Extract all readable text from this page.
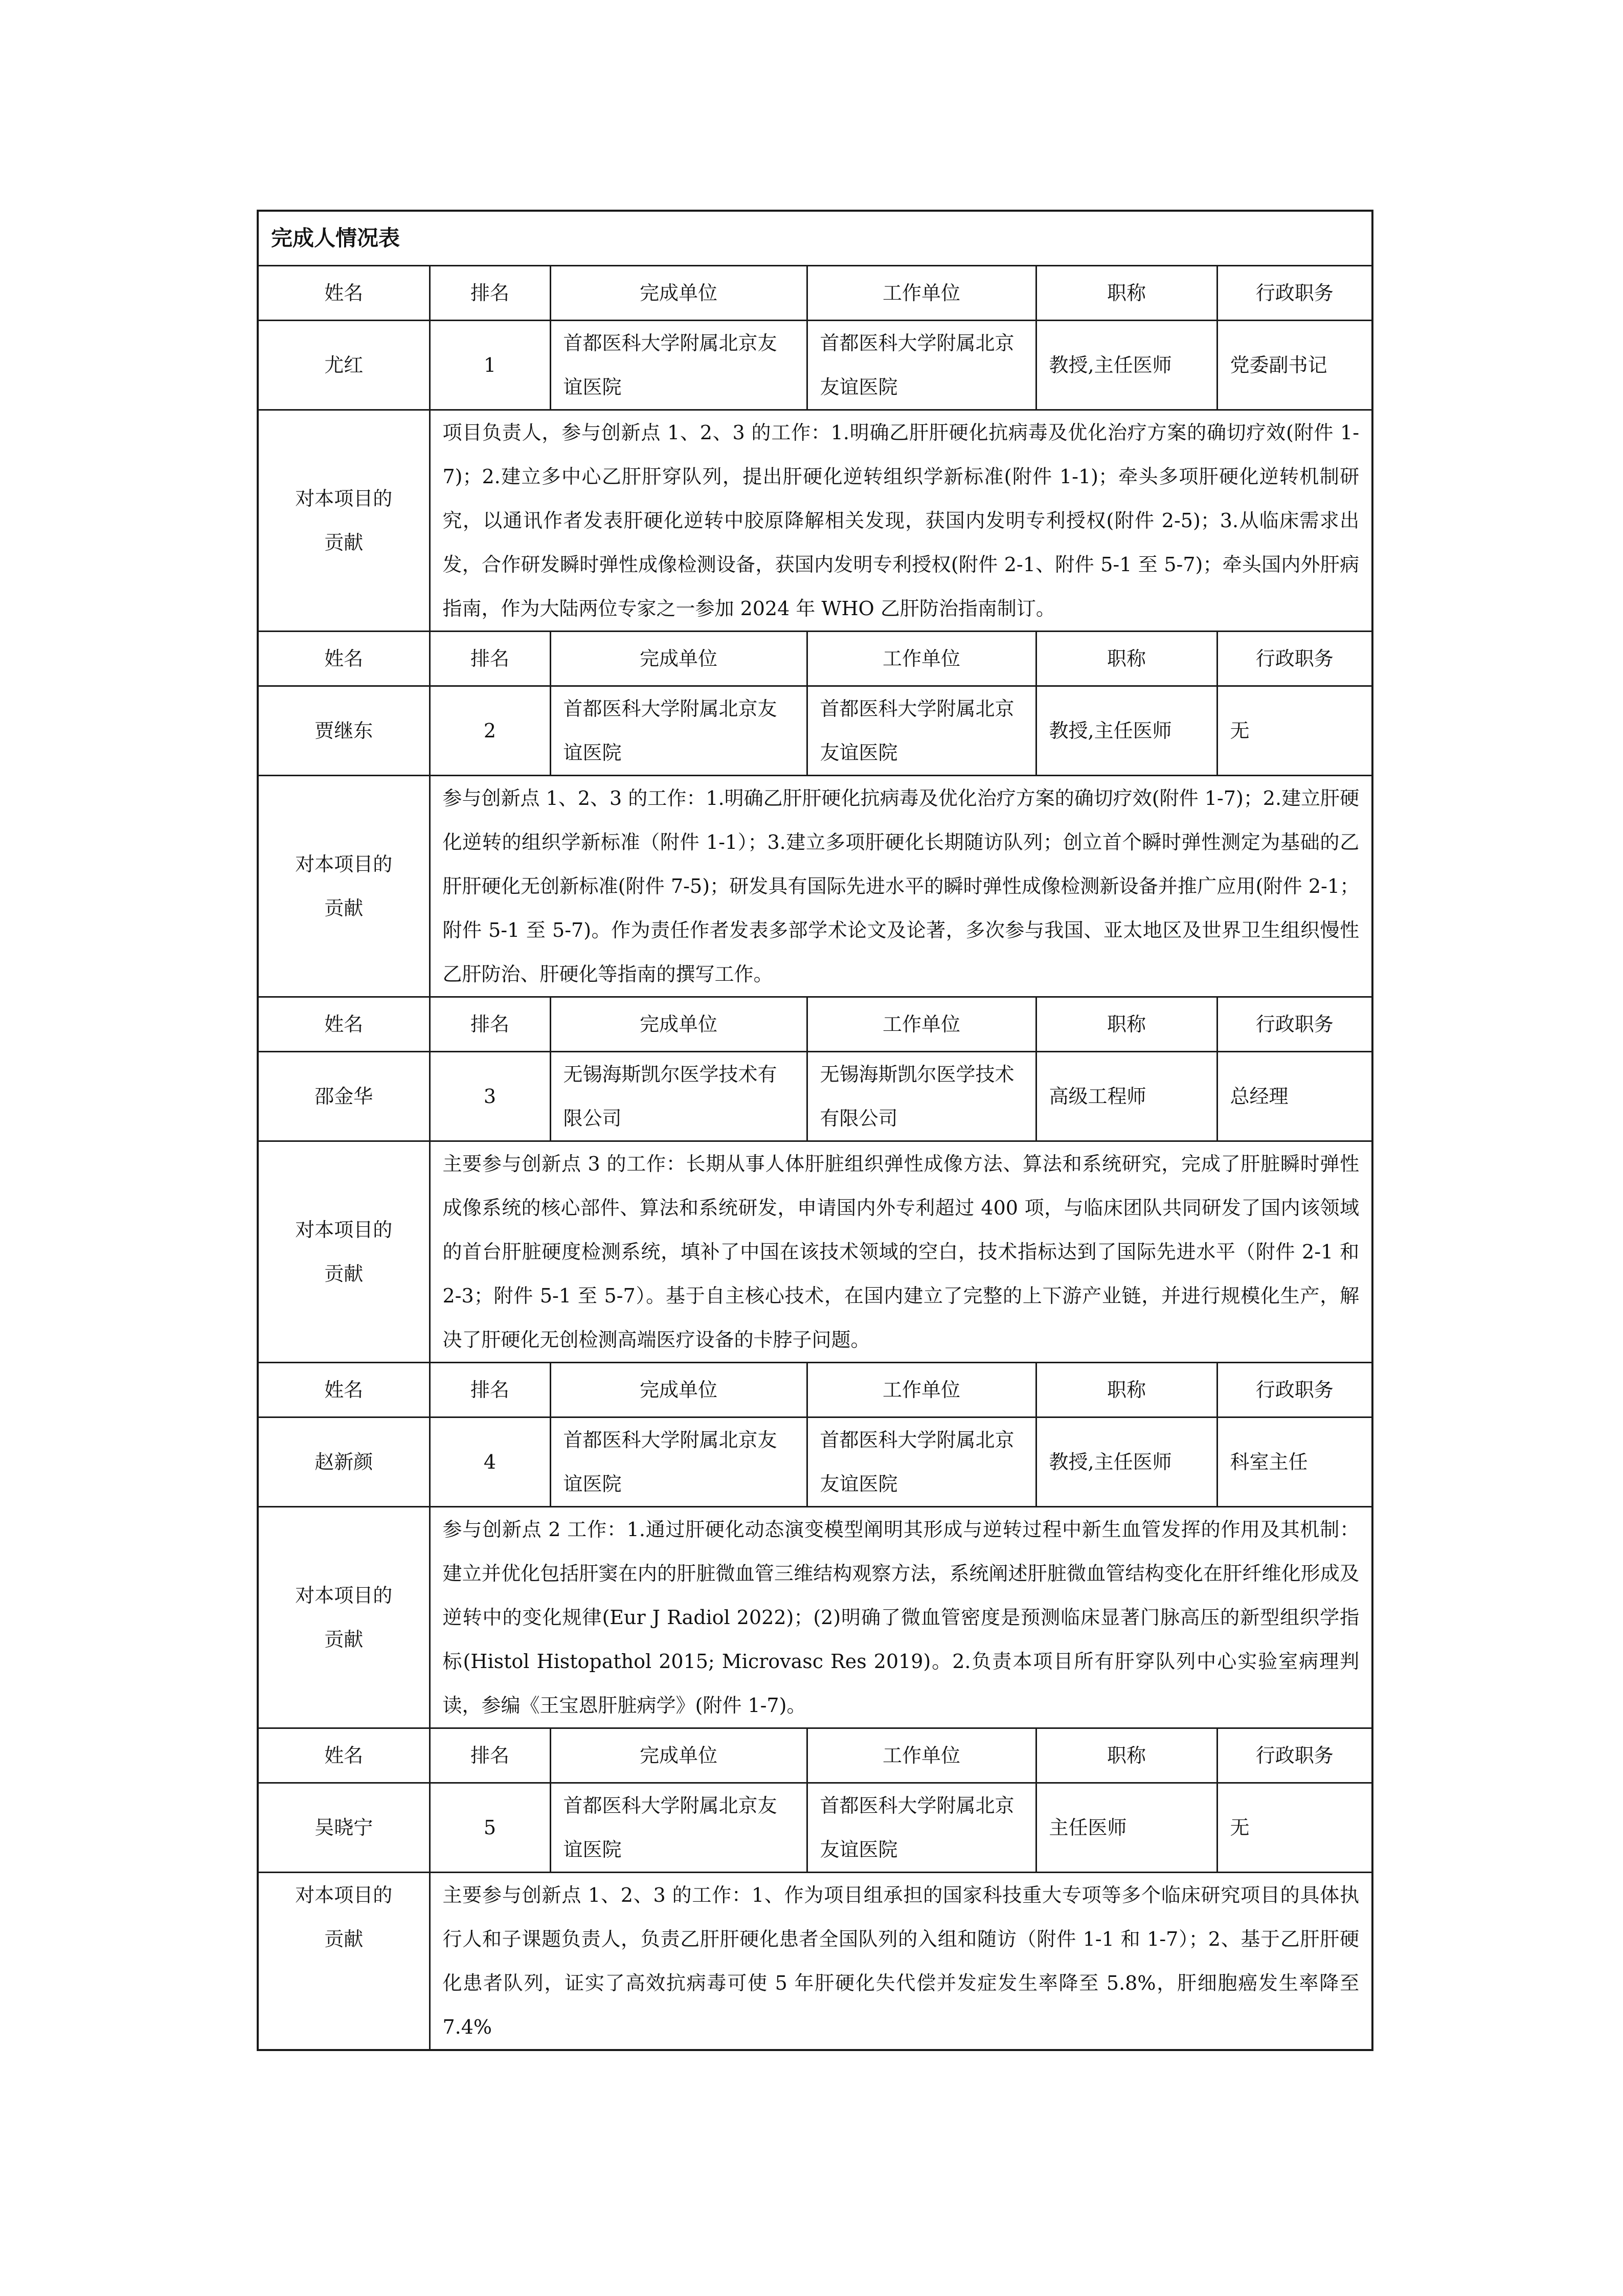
完成人情况表					
姓名	排名	完成单位	工作单位	职称	行政职务
尤红	1	首都医科大学附属北京友谊医院	首都医科大学附属北京友谊医院	教授,主任医师	党委副书记

对本项目的
贡献	项目负责人，参与创新点 1、2、3 的工作：1.明确乙肝肝硬化抗病毒及优化治疗方案的确切疗效(附件 1-7)；2.建立多中心乙肝肝穿队列，提出肝硬化逆转组织学新标准(附件 1-1)；牵头多项肝硬化逆转机制研究，以通讯作者发表肝硬化逆转中胶原降解相关发现，获国内发明专利授权(附件 2-5)；3.从临床需求出发，合作研发瞬时弹性成像检测设备，获国内发明专利授权(附件 2-1、附件 5-1 至 5-7)；牵头国内外肝病指南，作为大陆两位专家之一参加 2024 年 WHO 乙肝防治指南制订。				
姓名	排名	完成单位	工作单位	职称	行政职务
贾继东	2	首都医科大学附属北京友谊医院	首都医科大学附属北京友谊医院	教授,主任医师	无

对本项目的
贡献	参与创新点 1、2、3 的工作：1.明确乙肝肝硬化抗病毒及优化治疗方案的确切疗效(附件 1-7)；2.建立肝硬化逆转的组织学新标准（附件 1-1）；3.建立多项肝硬化长期随访队列；创立首个瞬时弹性测定为基础的乙肝肝硬化无创新标准(附件 7-5)；研发具有国际先进水平的瞬时弹性成像检测新设备并推广应用(附件 2-1；附件 5-1 至 5-7)。作为责任作者发表多部学术论文及论著，多次参与我国、亚太地区及世界卫生组织慢性乙肝防治、肝硬化等指南的撰写工作。				
姓名	排名	完成单位	工作单位	职称	行政职务
邵金华	3	无锡海斯凯尔医学技术有限公司	无锡海斯凯尔医学技术有限公司	高级工程师	总经理

对本项目的
贡献	主要参与创新点 3 的工作：长期从事人体肝脏组织弹性成像方法、算法和系统研究，完成了肝脏瞬时弹性成像系统的核心部件、算法和系统研发，申请国内外专利超过 400 项，与临床团队共同研发了国内该领域的首台肝脏硬度检测系统，填补了中国在该技术领域的空白，技术指标达到了国际先进水平（附件 2-1 和 2-3；附件 5-1 至 5-7）。基于自主核心技术，在国内建立了完整的上下游产业链，并进行规模化生产，解决了肝硬化无创检测高端医疗设备的卡脖子问题。				
姓名	排名	完成单位	工作单位	职称	行政职务
赵新颜	4	首都医科大学附属北京友谊医院	首都医科大学附属北京友谊医院	教授,主任医师	科室主任

对本项目的
贡献	参与创新点 2 工作：1.通过肝硬化动态演变模型阐明其形成与逆转过程中新生血管发挥的作用及其机制：建立并优化包括肝窦在内的肝脏微血管三维结构观察方法，系统阐述肝脏微血管结构变化在肝纤维化形成及逆转中的变化规律(Eur J Radiol 2022)；(2)明确了微血管密度是预测临床显著门脉高压的新型组织学指标(Histol Histopathol 2015; Microvasc Res 2019)。2.负责本项目所有肝穿队列中心实验室病理判读，参编《王宝恩肝脏病学》(附件 1-7)。				
姓名	排名	完成单位	工作单位	职称	行政职务
吴晓宁	5	首都医科大学附属北京友谊医院	首都医科大学附属北京友谊医院	主任医师	无

对本项目的
贡献	主要参与创新点 1、2、3 的工作：1、作为项目组承担的国家科技重大专项等多个临床研究项目的具体执行人和子课题负责人，负责乙肝肝硬化患者全国队列的入组和随访（附件 1-1 和 1-7）；2、基于乙肝肝硬化患者队列，证实了高效抗病毒可使 5 年肝硬化失代偿并发症发生率降至 5.8%，肝细胞癌发生率降至 7.4%				
